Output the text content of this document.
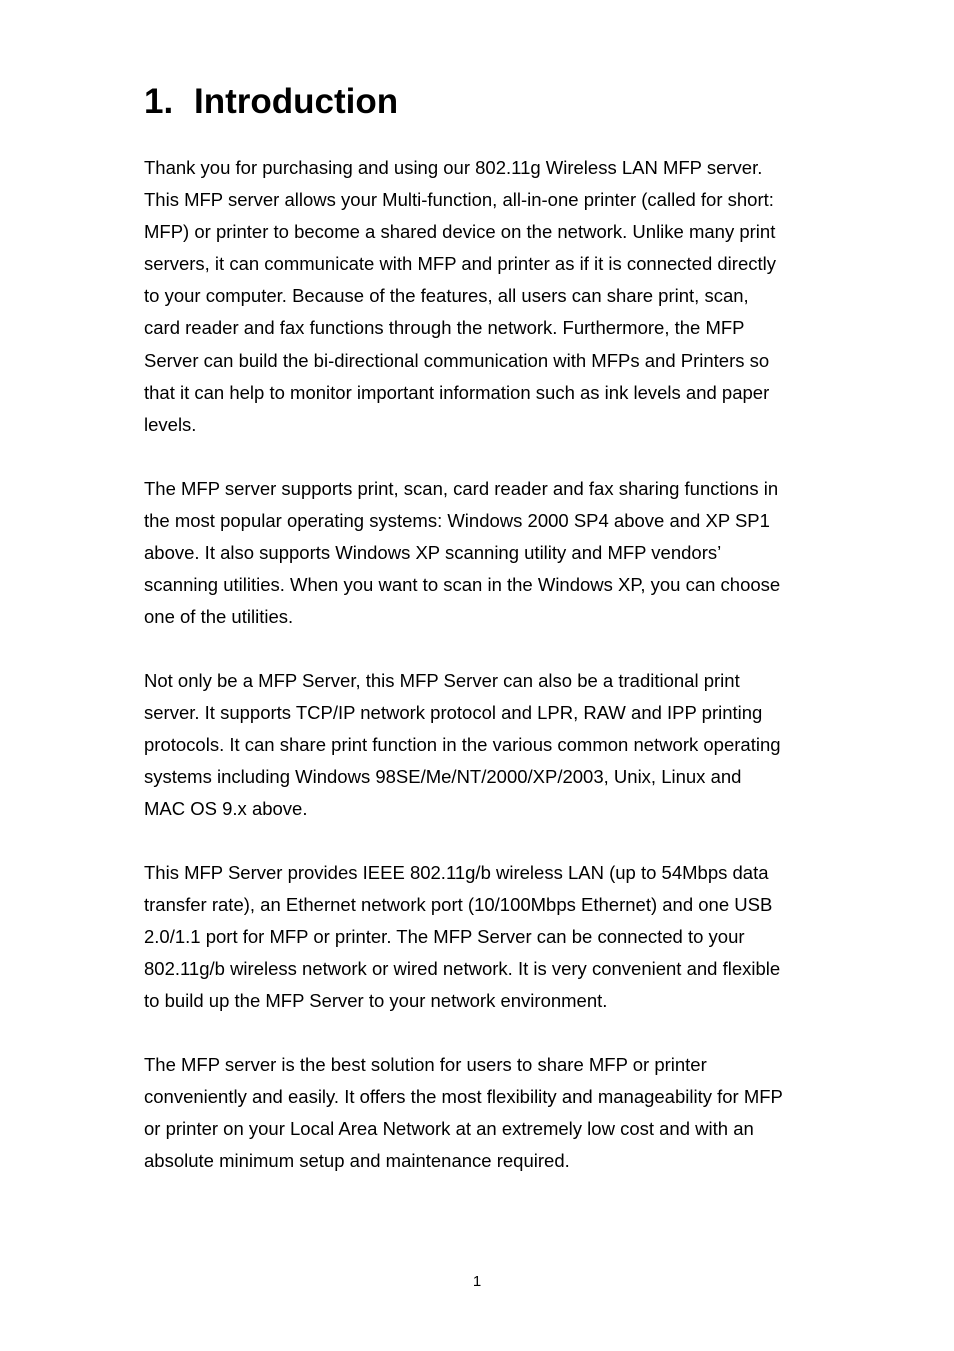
1. Introduction

Thank you for purchasing and using our 802.11g Wireless LAN MFP server.
This MFP server allows your Multi-function, all-in-one printer (called for short:
MFP) or printer to become a shared device on the network. Unlike many print
servers, it can communicate with MFP and printer as if it is connected directly
to your computer. Because of the features, all users can share print, scan,
card reader and fax functions through the network. Furthermore, the MFP
Server can build the bi-directional communication with MFPs and Printers so
that it can help to monitor important information such as ink levels and paper
levels.

The MFP server supports print, scan, card reader and fax sharing functions in
the most popular operating systems: Windows 2000 SP4 above and XP SP1
above. It also supports Windows XP scanning utility and MFP vendors’
scanning utilities. When you want to scan in the Windows XP, you can choose
one of the utilities.

Not only be a MFP Server, this MFP Server can also be a traditional print
server. It supports TCP/IP network protocol and LPR, RAW and IPP printing
protocols. It can share print function in the various common network operating
systems including Windows 98SE/Me/NT/2000/XP/2003, Unix, Linux and
MAC OS 9.x above.

This MFP Server provides IEEE 802.11g/b wireless LAN (up to 54Mbps data
transfer rate), an Ethernet network port (10/100Mbps Ethernet) and one USB
2.0/1.1 port for MFP or printer. The MFP Server can be connected to your
802.11g/b wireless network or wired network. It is very convenient and flexible
to build up the MFP Server to your network environment.

The MFP server is the best solution for users to share MFP or printer
conveniently and easily. It offers the most flexibility and manageability for MFP
or printer on your Local Area Network at an extremely low cost and with an
absolute minimum setup and maintenance required.

1
